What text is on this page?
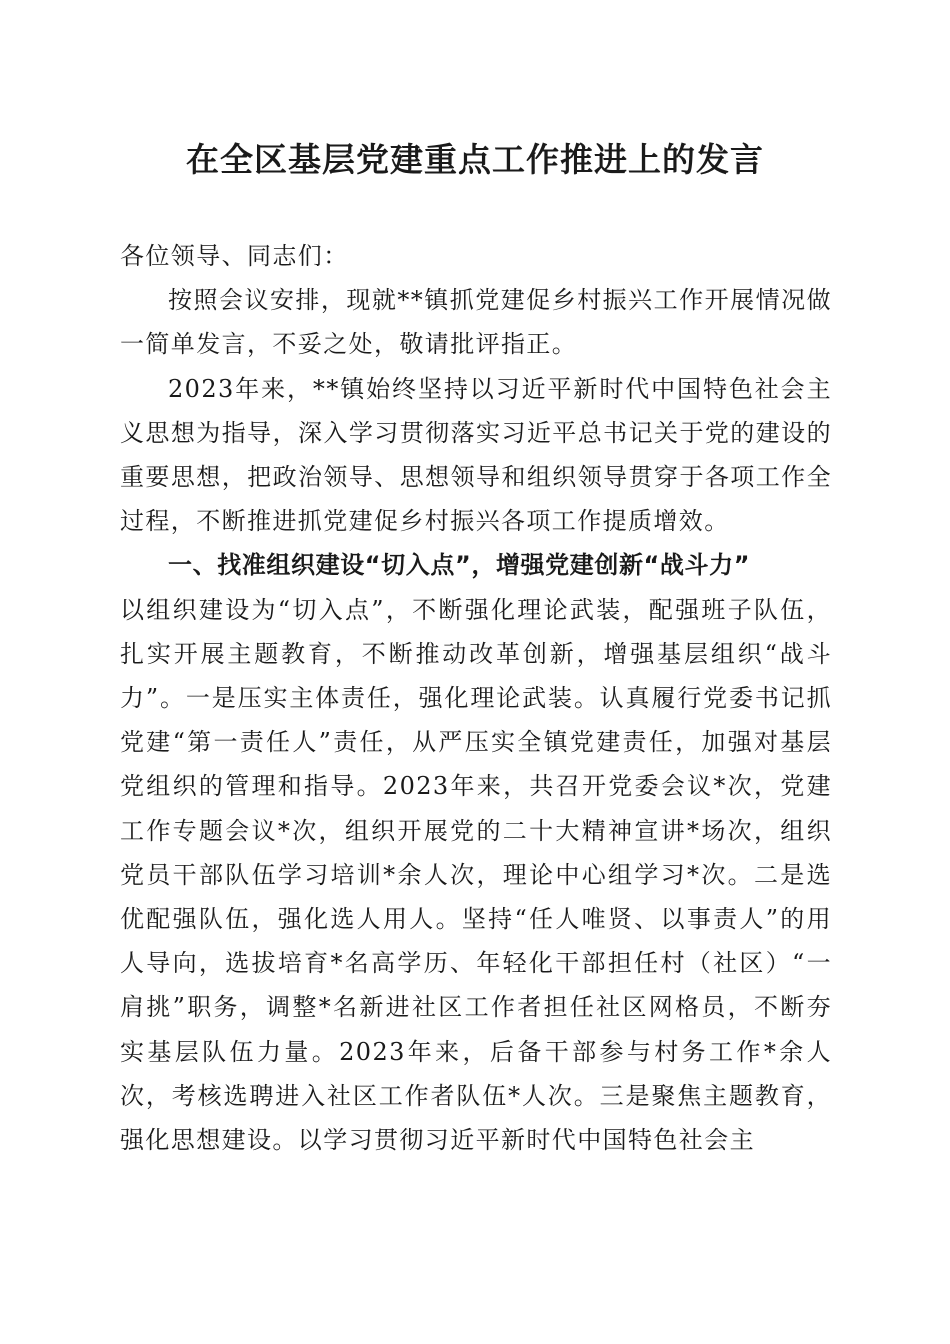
在全区基层党建重点工作推进上的发言

各位领导、同志们：

按照会议安排，现就**镇抓党建促乡村振兴工作开展情况做一简单发言，不妥之处，敬请批评指正。

2023年来，**镇始终坚持以习近平新时代中国特色社会主义思想为指导，深入学习贯彻落实习近平总书记关于党的建设的重要思想，把政治领导、思想领导和组织领导贯穿于各项工作全过程，不断推进抓党建促乡村振兴各项工作提质增效。

一、找准组织建设“切入点”，增强党建创新“战斗力”

以组织建设为“切入点”，不断强化理论武装，配强班子队伍，扎实开展主题教育，不断推动改革创新，增强基层组织“战斗力”。一是压实主体责任，强化理论武装。认真履行党委书记抓党建“第一责任人”责任，从严压实全镇党建责任，加强对基层党组织的管理和指导。2023年来，共召开党委会议*次，党建工作专题会议*次，组织开展党的二十大精神宣讲*场次，组织党员干部队伍学习培训*余人次，理论中心组学习*次。二是选优配强队伍，强化选人用人。坚持“任人唯贤、以事责人”的用人导向，选拔培育*名高学历、年轻化干部担任村（社区）“一肩挑”职务，调整*名新进社区工作者担任社区网格员，不断夯实基层队伍力量。2023年来，后备干部参与村务工作*余人次，考核选聘进入社区工作者队伍*人次。三是聚焦主题教育，强化思想建设。以学习贯彻习近平新时代中国特色社会主
